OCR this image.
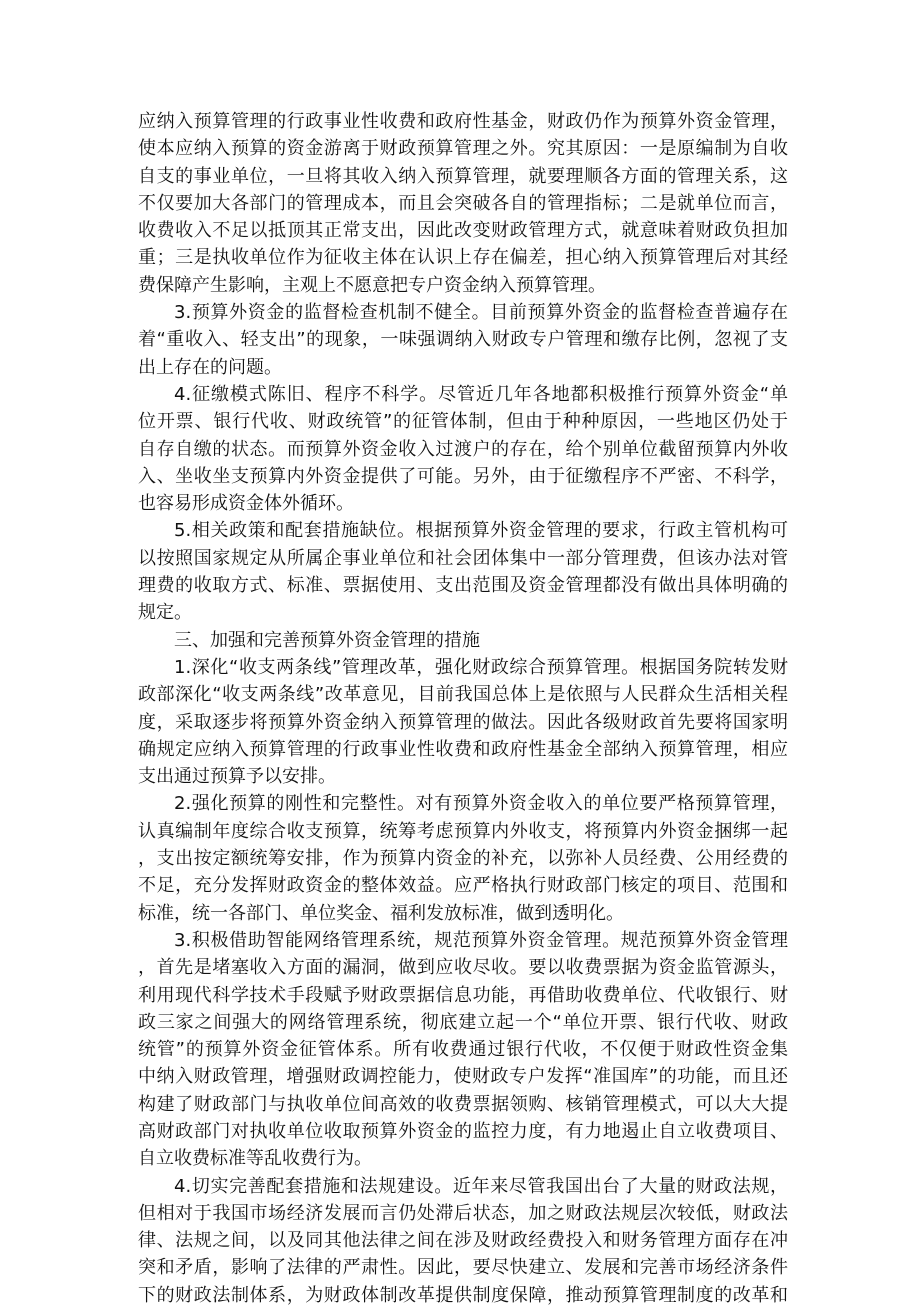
应纳入预算管理的行政事业性收费和政府性基金，财政仍作为预算外资金管理，
使本应纳入预算的资金游离于财政预算管理之外。究其原因：一是原编制为自收
自支的事业单位，一旦将其收入纳入预算管理，就要理顺各方面的管理关系，这
不仅要加大各部门的管理成本，而且会突破各自的管理指标；二是就单位而言，
收费收入不足以抵顶其正常支出，因此改变财政管理方式，就意味着财政负担加
重；三是执收单位作为征收主体在认识上存在偏差，担心纳入预算管理后对其经
费保障产生影响，主观上不愿意把专户资金纳入预算管理。
3.预算外资金的监督检查机制不健全。目前预算外资金的监督检查普遍存在
着“重收入、轻支出”的现象，一味强调纳入财政专户管理和缴存比例，忽视了支
出上存在的问题。
4.征缴模式陈旧、程序不科学。尽管近几年各地都积极推行预算外资金“单
位开票、银行代收、财政统管”的征管体制，但由于种种原因，一些地区仍处于
自存自缴的状态。而预算外资金收入过渡户的存在，给个别单位截留预算内外收
入、坐收坐支预算内外资金提供了可能。另外，由于征缴程序不严密、不科学，
也容易形成资金体外循环。
5.相关政策和配套措施缺位。根据预算外资金管理的要求，行政主管机构可
以按照国家规定从所属企事业单位和社会团体集中一部分管理费，但该办法对管
理费的收取方式、标准、票据使用、支出范围及资金管理都没有做出具体明确的
规定。
三、加强和完善预算外资金管理的措施
1.深化“收支两条线”管理改革，强化财政综合预算管理。根据国务院转发财
政部深化“收支两条线”改革意见，目前我国总体上是依照与人民群众生活相关程
度，采取逐步将预算外资金纳入预算管理的做法。因此各级财政首先要将国家明
确规定应纳入预算管理的行政事业性收费和政府性基金全部纳入预算管理，相应
支出通过预算予以安排。
2.强化预算的刚性和完整性。对有预算外资金收入的单位要严格预算管理，
认真编制年度综合收支预算，统筹考虑预算内外收支，将预算内外资金捆绑一起
，支出按定额统筹安排，作为预算内资金的补充，以弥补人员经费、公用经费的
不足，充分发挥财政资金的整体效益。应严格执行财政部门核定的项目、范围和
标准，统一各部门、单位奖金、福利发放标准，做到透明化。
3.积极借助智能网络管理系统，规范预算外资金管理。规范预算外资金管理
，首先是堵塞收入方面的漏洞，做到应收尽收。要以收费票据为资金监管源头，
利用现代科学技术手段赋予财政票据信息功能，再借助收费单位、代收银行、财
政三家之间强大的网络管理系统，彻底建立起一个“单位开票、银行代收、财政
统管”的预算外资金征管体系。所有收费通过银行代收，不仅便于财政性资金集
中纳入财政管理，增强财政调控能力，使财政专户发挥“准国库”的功能，而且还
构建了财政部门与执收单位间高效的收费票据领购、核销管理模式，可以大大提
高财政部门对执收单位收取预算外资金的监控力度，有力地遏止自立收费项目、
自立收费标准等乱收费行为。
4.切实完善配套措施和法规建设。近年来尽管我国出台了大量的财政法规，
但相对于我国市场经济发展而言仍处滞后状态，加之财政法规层次较低，财政法
律、法规之间，以及同其他法律之间在涉及财政经费投入和财务管理方面存在冲
突和矛盾，影响了法律的严肃性。因此，要尽快建立、发展和完善市场经济条件
下的财政法制体系，为财政体制改革提供制度保障，推动预算管理制度的改革和
